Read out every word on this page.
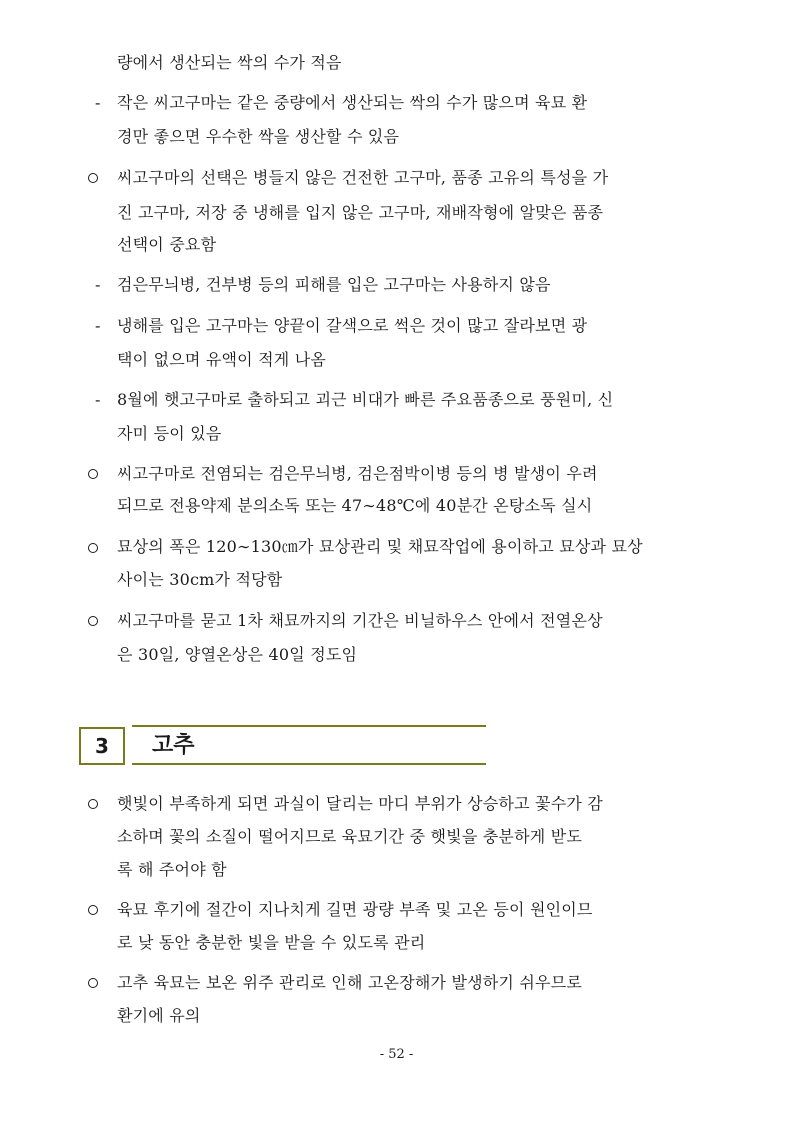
량에서 생산되는 싹의 수가 적음
- 작은 씨고구마는 같은 중량에서 생산되는 싹의 수가 많으며 육묘 환
경만 좋으면 우수한 싹을 생산할 수 있음
씨고구마의 선택은 병들지 않은 건전한 고구마, 품종 고유의 특성을 가
진 고구마, 저장 중 냉해를 입지 않은 고구마, 재배작형에 알맞은 품종
선택이 중요함
- 검은무늬병, 건부병 등의 피해를 입은 고구마는 사용하지 않음
- 냉해를 입은 고구마는 양끝이 갈색으로 썩은 것이 많고 잘라보면 광
택이 없으며 유액이 적게 나옴
- 8월에 햇고구마로 출하되고 괴근 비대가 빠른 주요품종으로 풍원미, 신
자미 등이 있음
씨고구마로 전염되는 검은무늬병, 검은점박이병 등의 병 발생이 우려
되므로 전용약제 분의소독 또는 47∼48℃에 40분간 온탕소독 실시
묘상의 폭은 120∼130㎝가 묘상관리 및 채묘작업에 용이하고 묘상과 묘상
사이는 30cm가 적당함
씨고구마를 묻고 1차 채묘까지의 기간은 비닐하우스 안에서 전열온상
은 30일, 양열온상은 40일 정도임
3 고추
햇빛이 부족하게 되면 과실이 달리는 마디 부위가 상승하고 꽃수가 감
소하며 꽃의 소질이 떨어지므로 육묘기간 중 햇빛을 충분하게 받도
록 해 주어야 함
육묘 후기에 절간이 지나치게 길면 광량 부족 및 고온 등이 원인이므
로 낮 동안 충분한 빛을 받을 수 있도록 관리
고추 육묘는 보온 위주 관리로 인해 고온장해가 발생하기 쉬우므로
환기에 유의
- 52 -
